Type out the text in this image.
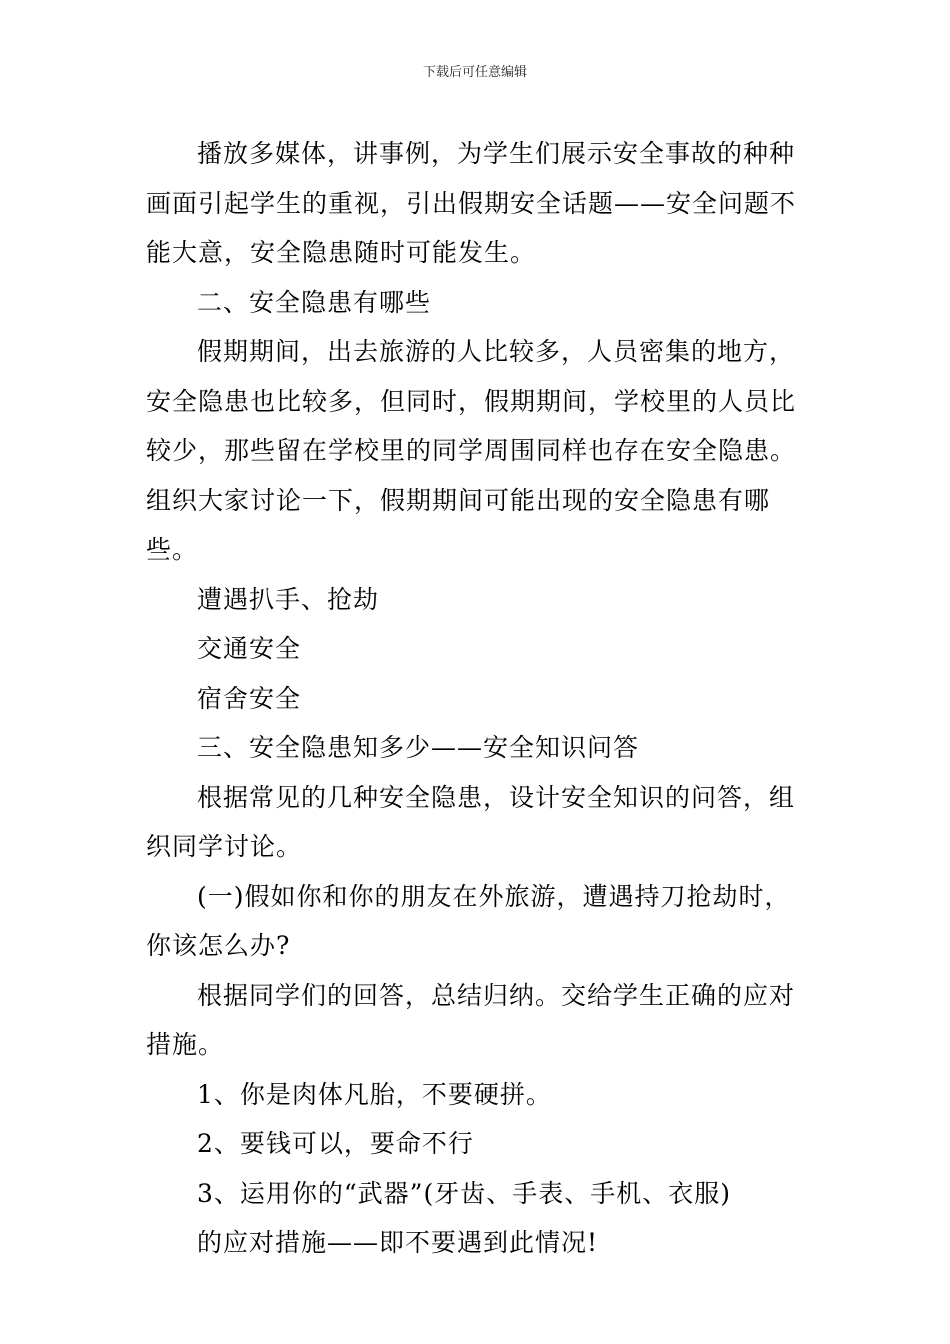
下载后可任意编辑

播放多媒体，讲事例，为学生们展示安全事故的种种画面引起学生的重视，引出假期安全话题——安全问题不能大意，安全隐患随时可能发生。

二、安全隐患有哪些

假期期间，出去旅游的人比较多，人员密集的地方，安全隐患也比较多，但同时，假期期间，学校里的人员比较少，那些留在学校里的同学周围同样也存在安全隐患。组织大家讨论一下，假期期间可能出现的安全隐患有哪些。

遭遇扒手、抢劫

交通安全

宿舍安全

三、安全隐患知多少——安全知识问答

根据常见的几种安全隐患，设计安全知识的问答，组织同学讨论。

(一)假如你和你的朋友在外旅游，遭遇持刀抢劫时，你该怎么办?

根据同学们的回答，总结归纳。交给学生正确的应对措施。

1、你是肉体凡胎，不要硬拼。

2、要钱可以，要命不行

3、运用你的“武器”(牙齿、手表、手机、衣服)

的应对措施——即不要遇到此情况!
